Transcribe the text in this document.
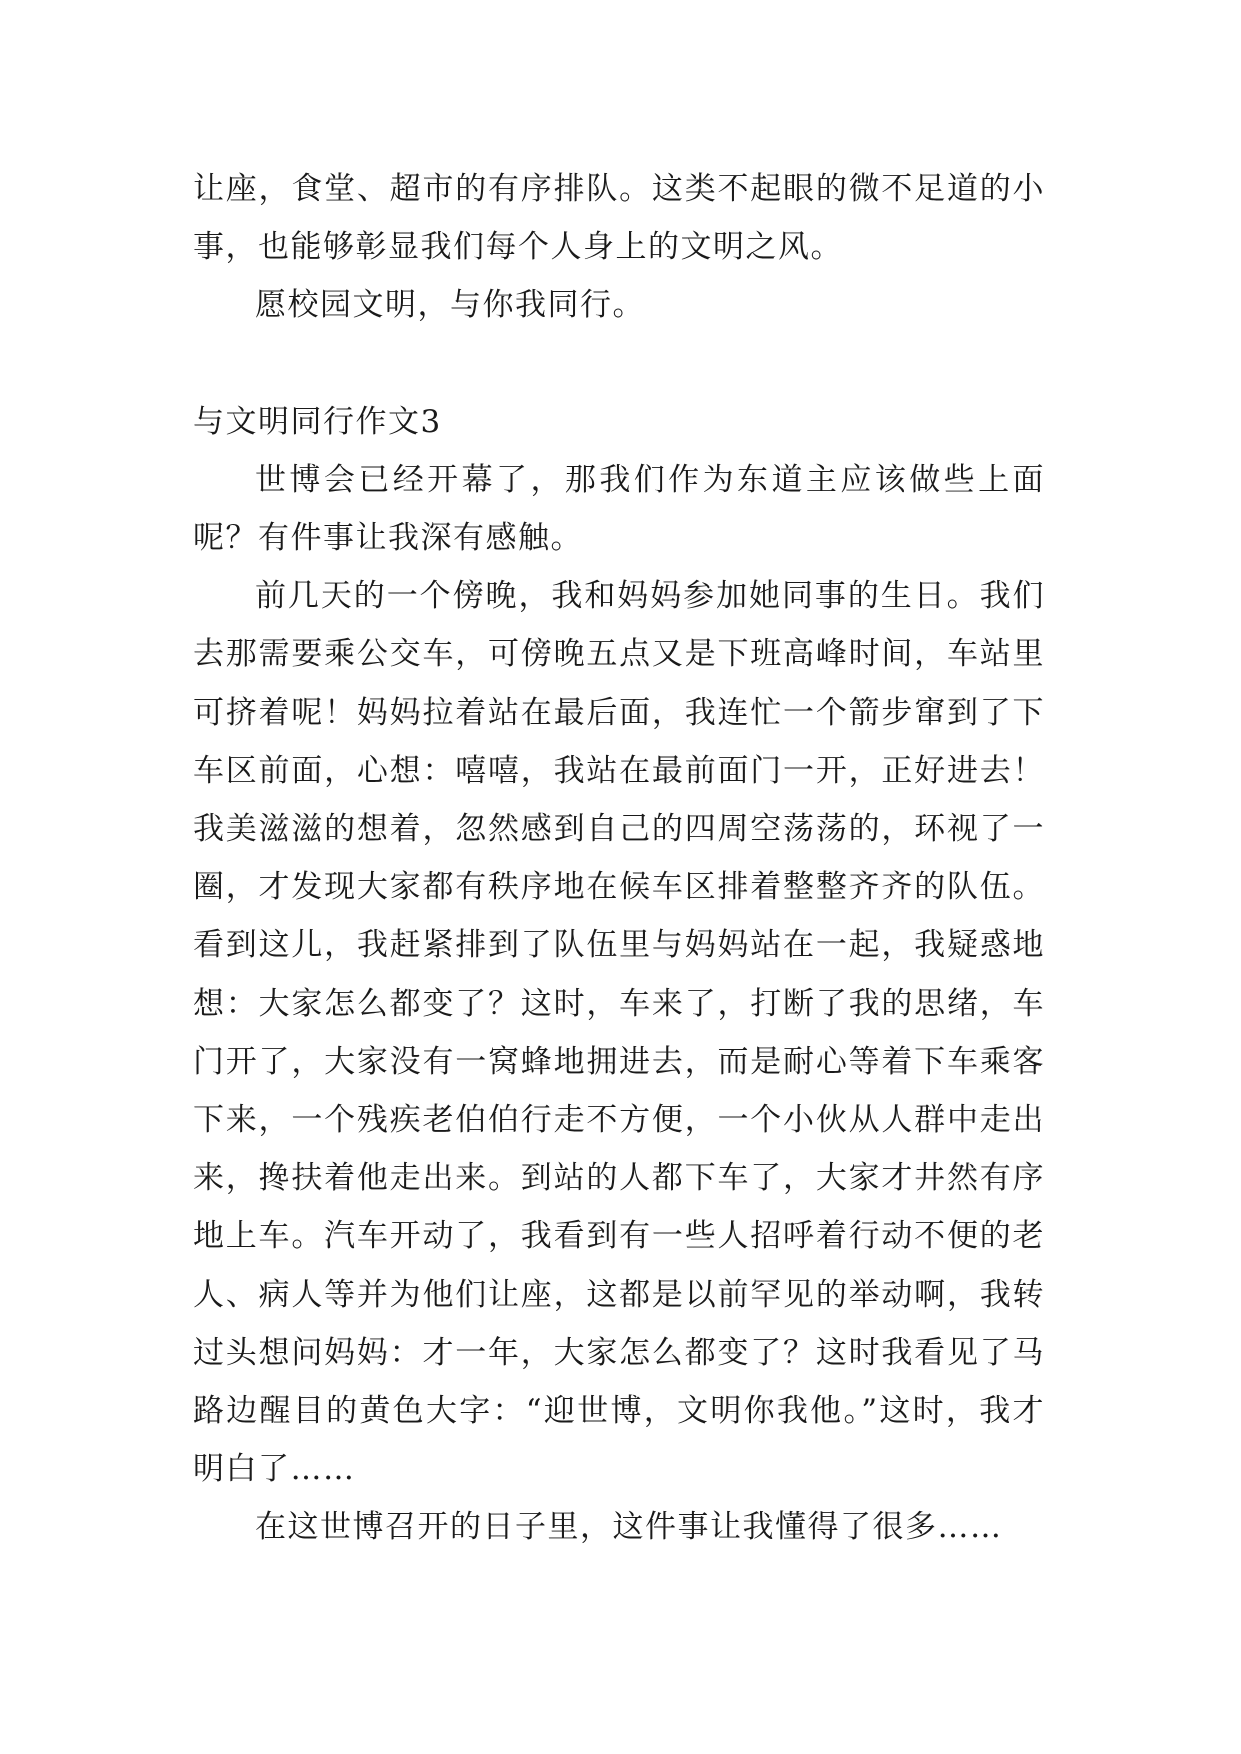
让座，食堂、超市的有序排队。这类不起眼的微不足道的小事，也能够彰显我们每个人身上的文明之风。

愿校园文明，与你我同行。

与文明同行作文3

世博会已经开幕了，那我们作为东道主应该做些上面呢？有件事让我深有感触。

前几天的一个傍晚，我和妈妈参加她同事的生日。我们去那需要乘公交车，可傍晚五点又是下班高峰时间，车站里可挤着呢！妈妈拉着站在最后面，我连忙一个箭步窜到了下车区前面，心想：嘻嘻，我站在最前面门一开，正好进去！我美滋滋的想着，忽然感到自己的四周空荡荡的，环视了一圈，才发现大家都有秩序地在候车区排着整整齐齐的队伍。看到这儿，我赶紧排到了队伍里与妈妈站在一起，我疑惑地想：大家怎么都变了？这时，车来了，打断了我的思绪，车门开了，大家没有一窝蜂地拥进去，而是耐心等着下车乘客下来，一个残疾老伯伯行走不方便，一个小伙从人群中走出来，搀扶着他走出来。到站的人都下车了，大家才井然有序地上车。汽车开动了，我看到有一些人招呼着行动不便的老人、病人等并为他们让座，这都是以前罕见的举动啊，我转过头想问妈妈：才一年，大家怎么都变了？这时我看见了马路边醒目的黄色大字：“迎世博，文明你我他。”这时，我才明白了……

在这世博召开的日子里，这件事让我懂得了很多……
